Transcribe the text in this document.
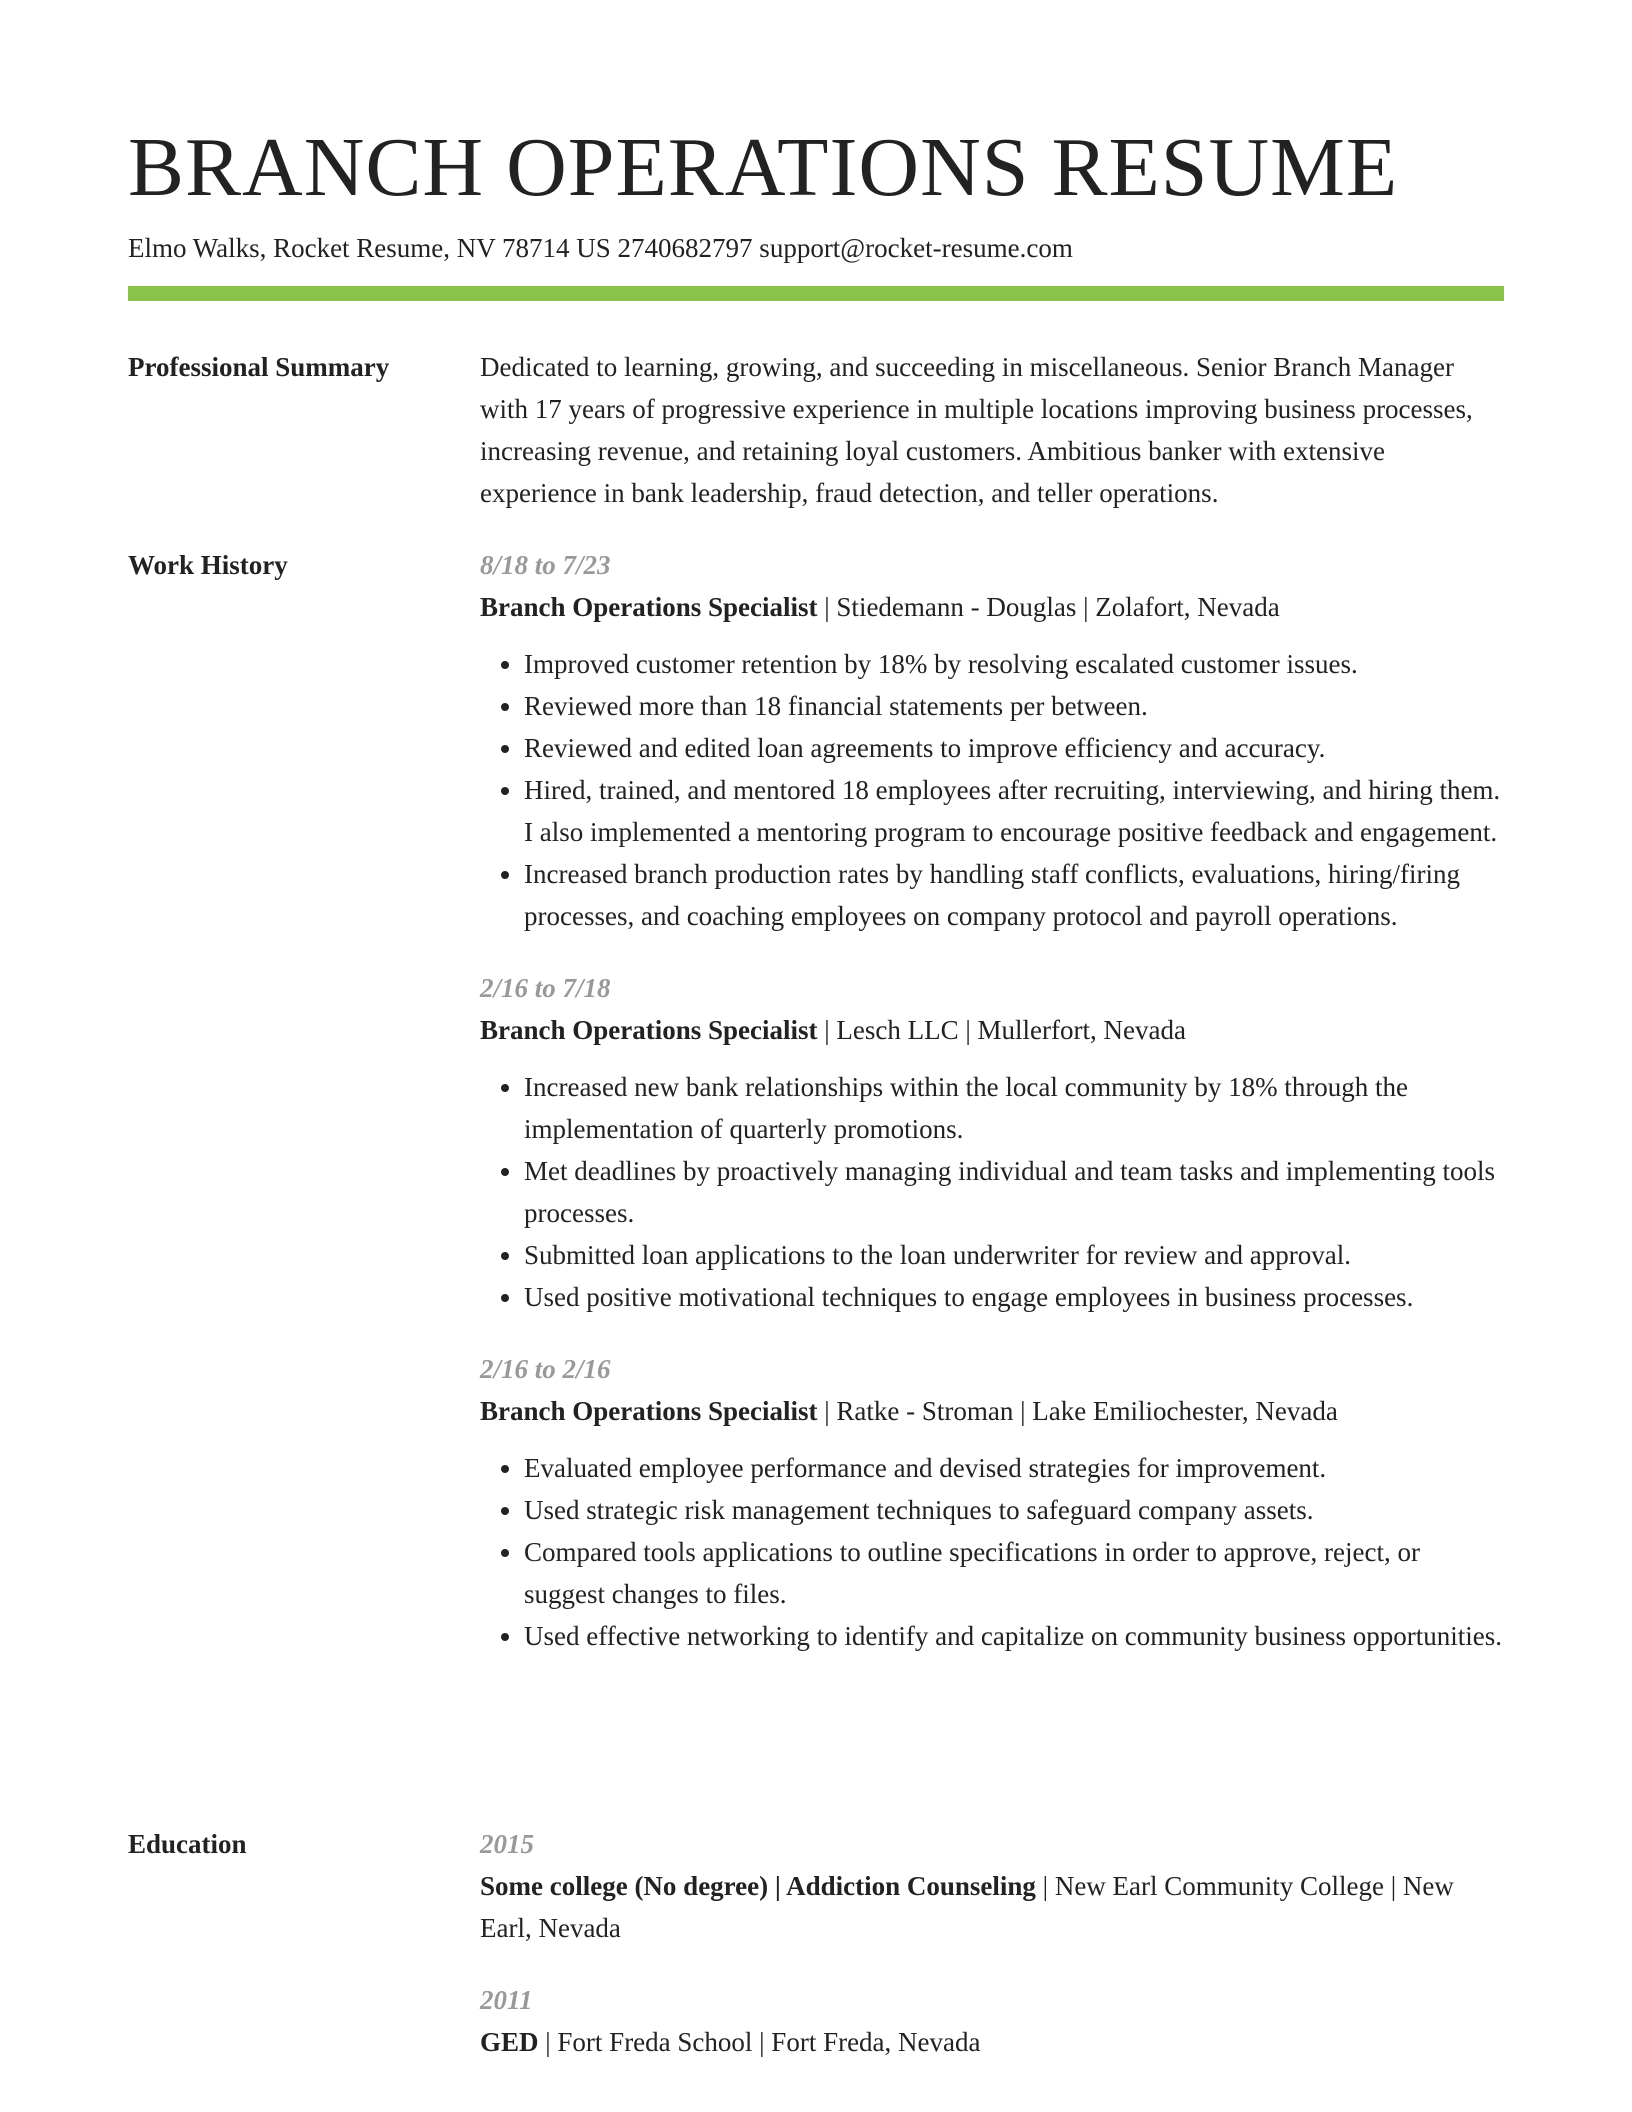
BRANCH OPERATIONS RESUME
Elmo Walks, Rocket Resume, NV 78714 US 2740682797 support@rocket-resume.com
Professional Summary	Dedicated to learning, growing, and succeeding in miscellaneous. Senior Branch Manager with 17 years of progressive experience in multiple locations improving business processes, increasing revenue, and retaining loyal customers. Ambitious banker with extensive experience in bank leadership, fraud detection, and teller operations.

Work History	8/18 to 7/23
Branch Operations Specialist | Stiedemann - Douglas | Zolafort, Nevada
• Improved customer retention by 18% by resolving escalated customer issues.
• Reviewed more than 18 financial statements per between.
• Reviewed and edited loan agreements to improve efficiency and accuracy.
• Hired, trained, and mentored 18 employees after recruiting, interviewing, and hiring them. I also implemented a mentoring program to encourage positive feedback and engagement.
• Increased branch production rates by handling staff conflicts, evaluations, hiring/firing processes, and coaching employees on company protocol and payroll operations.
2/16 to 7/18
Branch Operations Specialist | Lesch LLC | Mullerfort, Nevada
• Increased new bank relationships within the local community by 18% through the implementation of quarterly promotions.
• Met deadlines by proactively managing individual and team tasks and implementing tools processes.
• Submitted loan applications to the loan underwriter for review and approval.
• Used positive motivational techniques to engage employees in business processes.
2/16 to 2/16
Branch Operations Specialist | Ratke - Stroman | Lake Emiliochester, Nevada
• Evaluated employee performance and devised strategies for improvement.
• Used strategic risk management techniques to safeguard company assets.
• Compared tools applications to outline specifications in order to approve, reject, or suggest changes to files.
• Used effective networking to identify and capitalize on community business opportunities.
Education	2015
Some college (No degree) | Addiction Counseling | New Earl Community College | New Earl, Nevada
2011
GED | Fort Freda School | Fort Freda, Nevada
